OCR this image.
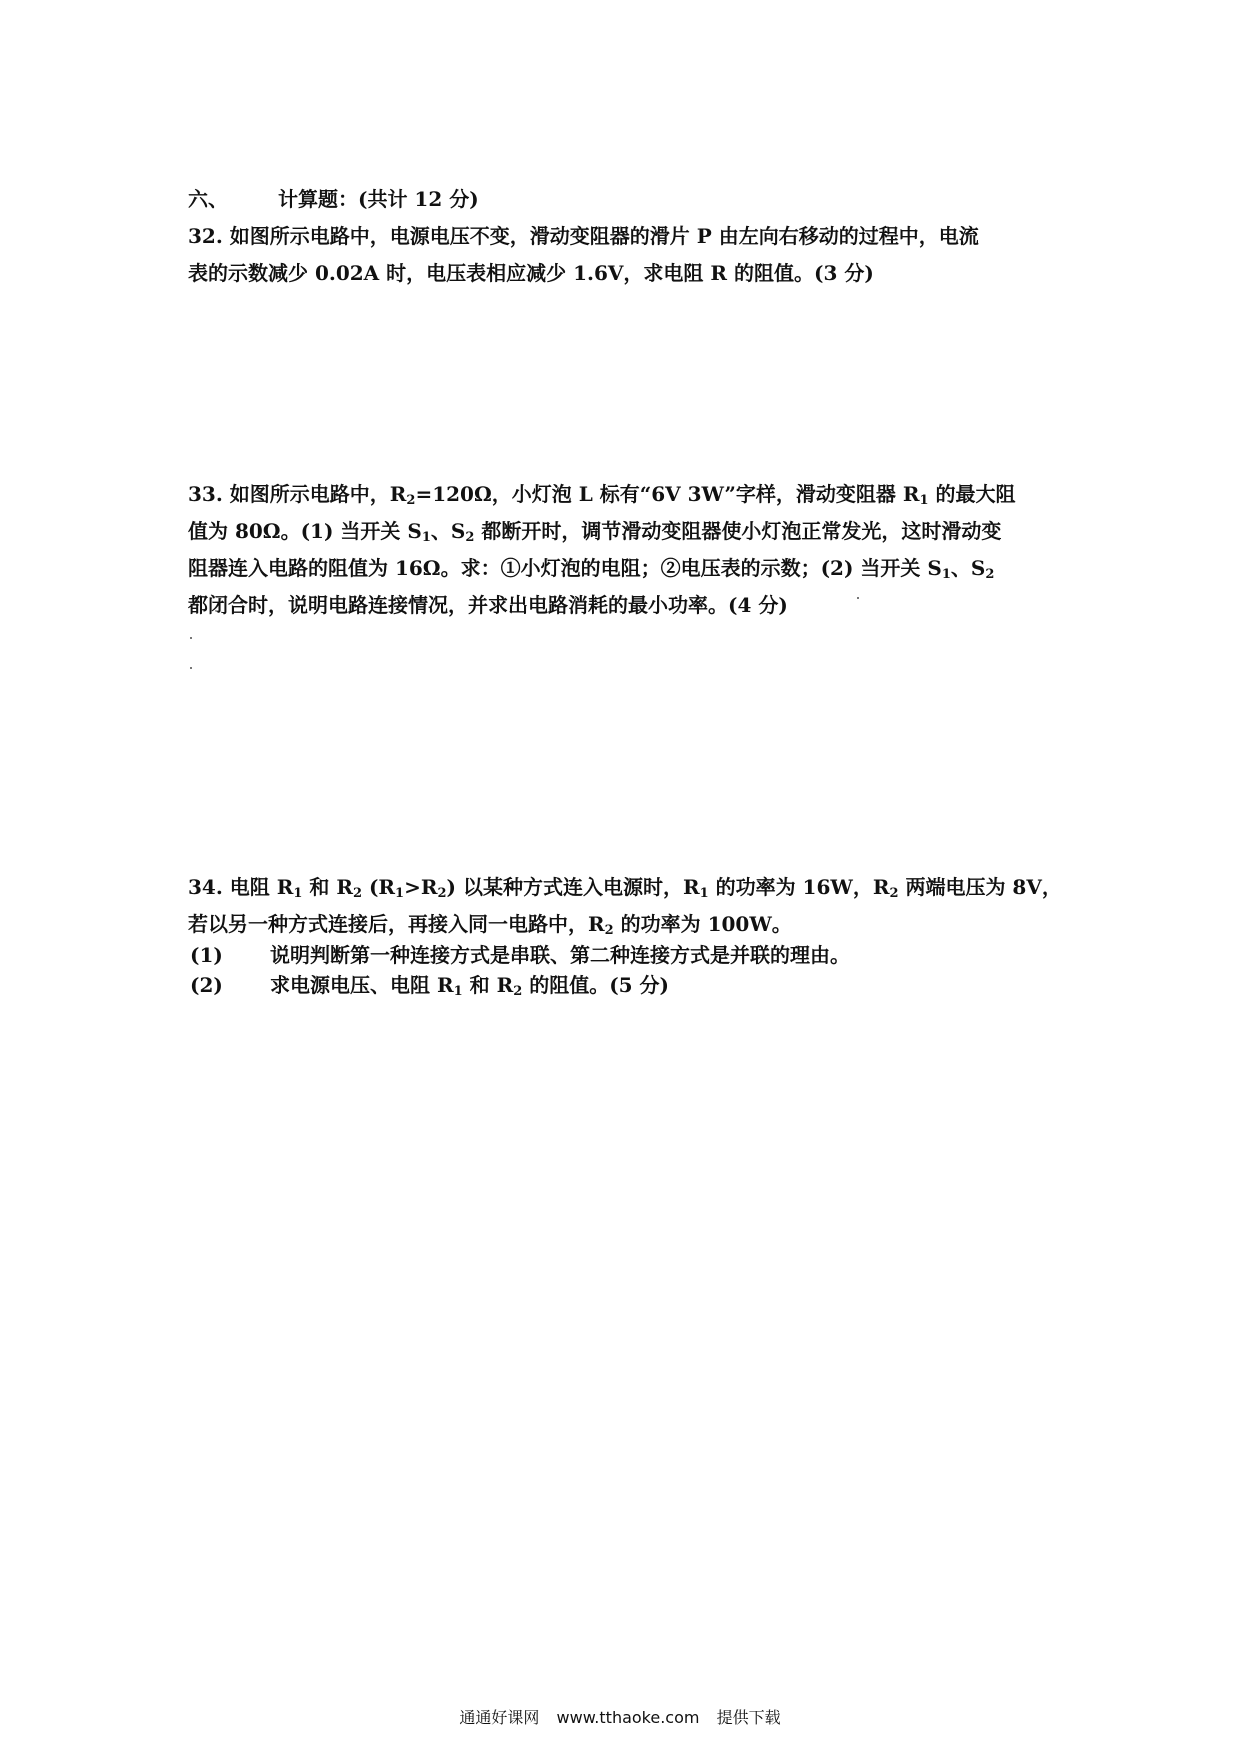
六、	计算题：(共计 12 分)

32. 如图所示电路中，电源电压不变，滑动变阻器的滑片 P 由左向右移动的过程中，电流

表的示数减少 0.02A 时，电压表相应减少 1.6V，求电阻 R 的阻值。(3 分)

33. 如图所示电路中，$R_2=120\Omega$，小灯泡 L 标有“6V 3W”字样，滑动变阻器 $R_1$ 的最大阻

值为 80Ω。(1) 当开关 $S_1$、$S_2$ 都断开时，调节滑动变阻器使小灯泡正常发光，这时滑动变

阻器连入电路的阻值为 16Ω。求：①小灯泡的电阻；②电压表的示数；(2) 当开关 $S_1$、$S_2$

都闭合时，说明电路连接情况，并求出电路消耗的最小功率。(4 分)

34. 电阻 $R_1$ 和 $R_2$ $(R_1>R_2)$ 以某种方式连入电源时，$R_1$ 的功率为 16W，$R_2$ 两端电压为 8V，

若以另一种方式连接后，再接入同一电路中，$R_2$ 的功率为 100W。

(1) 说明判断第一种连接方式是串联、第二种连接方式是并联的理由。
(2) 求电源电压、电阻 $R_1$ 和 $R_2$ 的阻值。(5 分)
通通好课网 www.tthaoke.com 提供下载
